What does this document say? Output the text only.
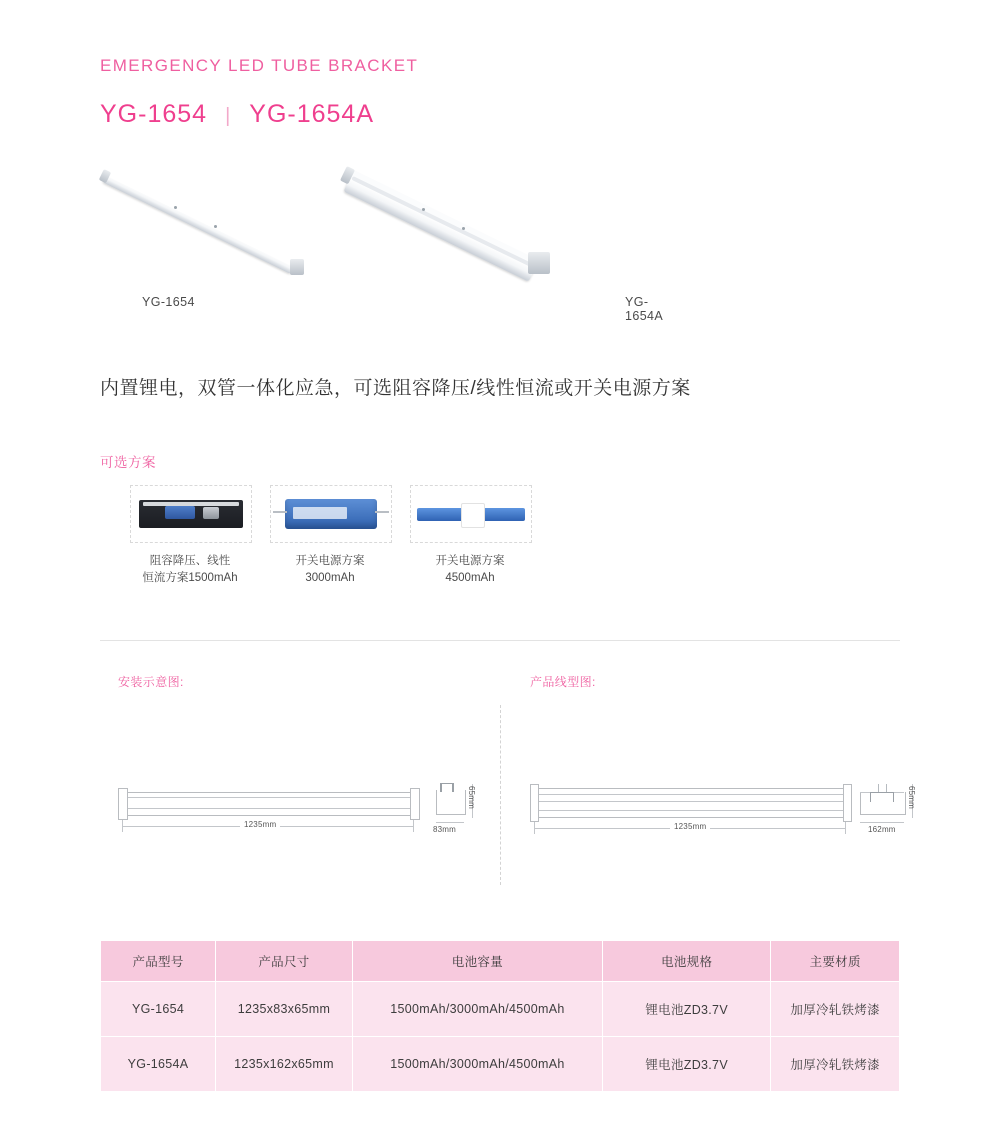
EMERGENCY LED TUBE BRACKET
YG-1654 | YG-1654A
YG-1654	YG-1654A
内置锂电，双管一体化应急，可选阻容降压/线性恒流或开关电源方案
可选方案
阻容降压、线性
恒流方案1500mAh
开关电源方案
3000mAh
开关电源方案
4500mAh
安装示意图:	产品线型图:
1235mm
83mm
65mm
1235mm	162mm
65mm
产品型号	产品尺寸	电池容量	电池规格	主要材质
YG-1654	1235x83x65mm	1500mAh/3000mAh/4500mAh	锂电池ZD3.7V	加厚冷轧铁烤漆
YG-1654A	1235x162x65mm	1500mAh/3000mAh/4500mAh	锂电池ZD3.7V	加厚冷轧铁烤漆
